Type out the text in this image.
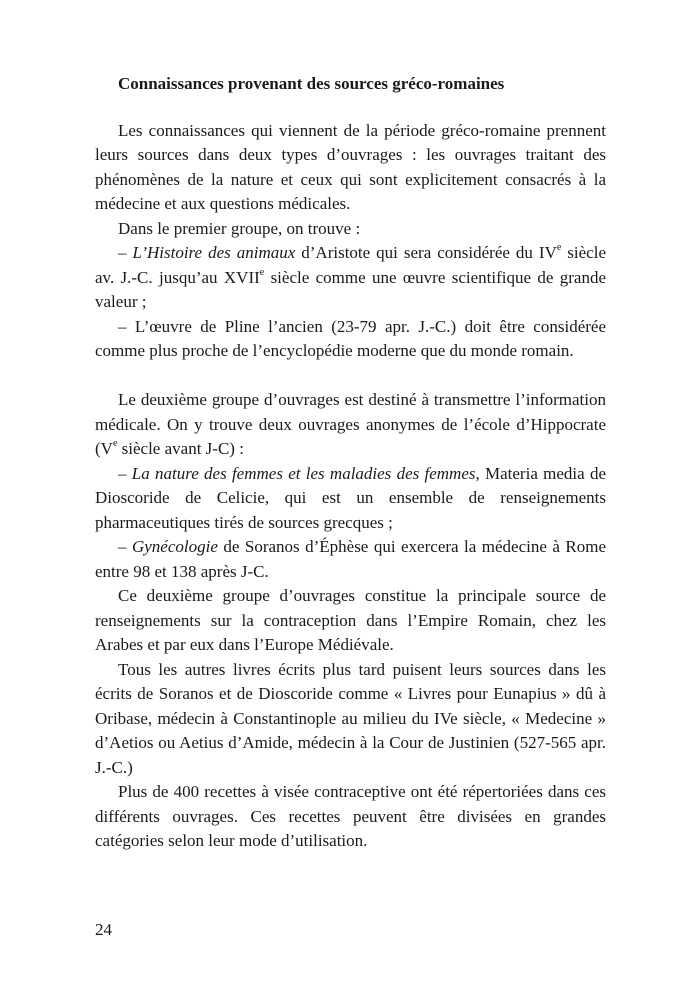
Connaissances provenant des sources gréco-romaines

Les connaissances qui viennent de la période gréco-romaine prennent leurs sources dans deux types d’ouvrages : les ouvrages traitant des phénomènes de la nature et ceux qui sont explicitement consacrés à la médecine et aux questions médicales.

Dans le premier groupe, on trouve :

– L’Histoire des animaux d’Aristote qui sera considérée du IVe siècle av. J.-C. jusqu’au XVIIe siècle comme une œuvre scientifique de grande valeur ;

– L’œuvre de Pline l’ancien (23-79 apr. J.-C.) doit être considérée comme plus proche de l’encyclopédie moderne que du monde romain.

Le deuxième groupe d’ouvrages est destiné à transmettre l’information médicale. On y trouve deux ouvrages anonymes de l’école d’Hippocrate (Ve siècle avant J-C) :

– La nature des femmes et les maladies des femmes, Materia media de Dioscoride de Celicie, qui est un ensemble de renseignements pharmaceutiques tirés de sources grecques ;

– Gynécologie de Soranos d’Éphèse qui exercera la médecine à Rome entre 98 et 138 après J-C.

Ce deuxième groupe d’ouvrages constitue la principale source de renseignements sur la contraception dans l’Empire Romain, chez les Arabes et par eux dans l’Europe Médiévale.

Tous les autres livres écrits plus tard puisent leurs sources dans les écrits de Soranos et de Dioscoride comme « Livres pour Eunapius » dû à Oribase, médecin à Constantinople au milieu du IVe siècle, « Medecine » d’Aetios ou Aetius d’Amide, médecin à la Cour de Justinien (527-565 apr. J.-C.)

Plus de 400 recettes à visée contraceptive ont été répertoriées dans ces différents ouvrages. Ces recettes peuvent être divisées en grandes catégories selon leur mode d’utilisation.

24
